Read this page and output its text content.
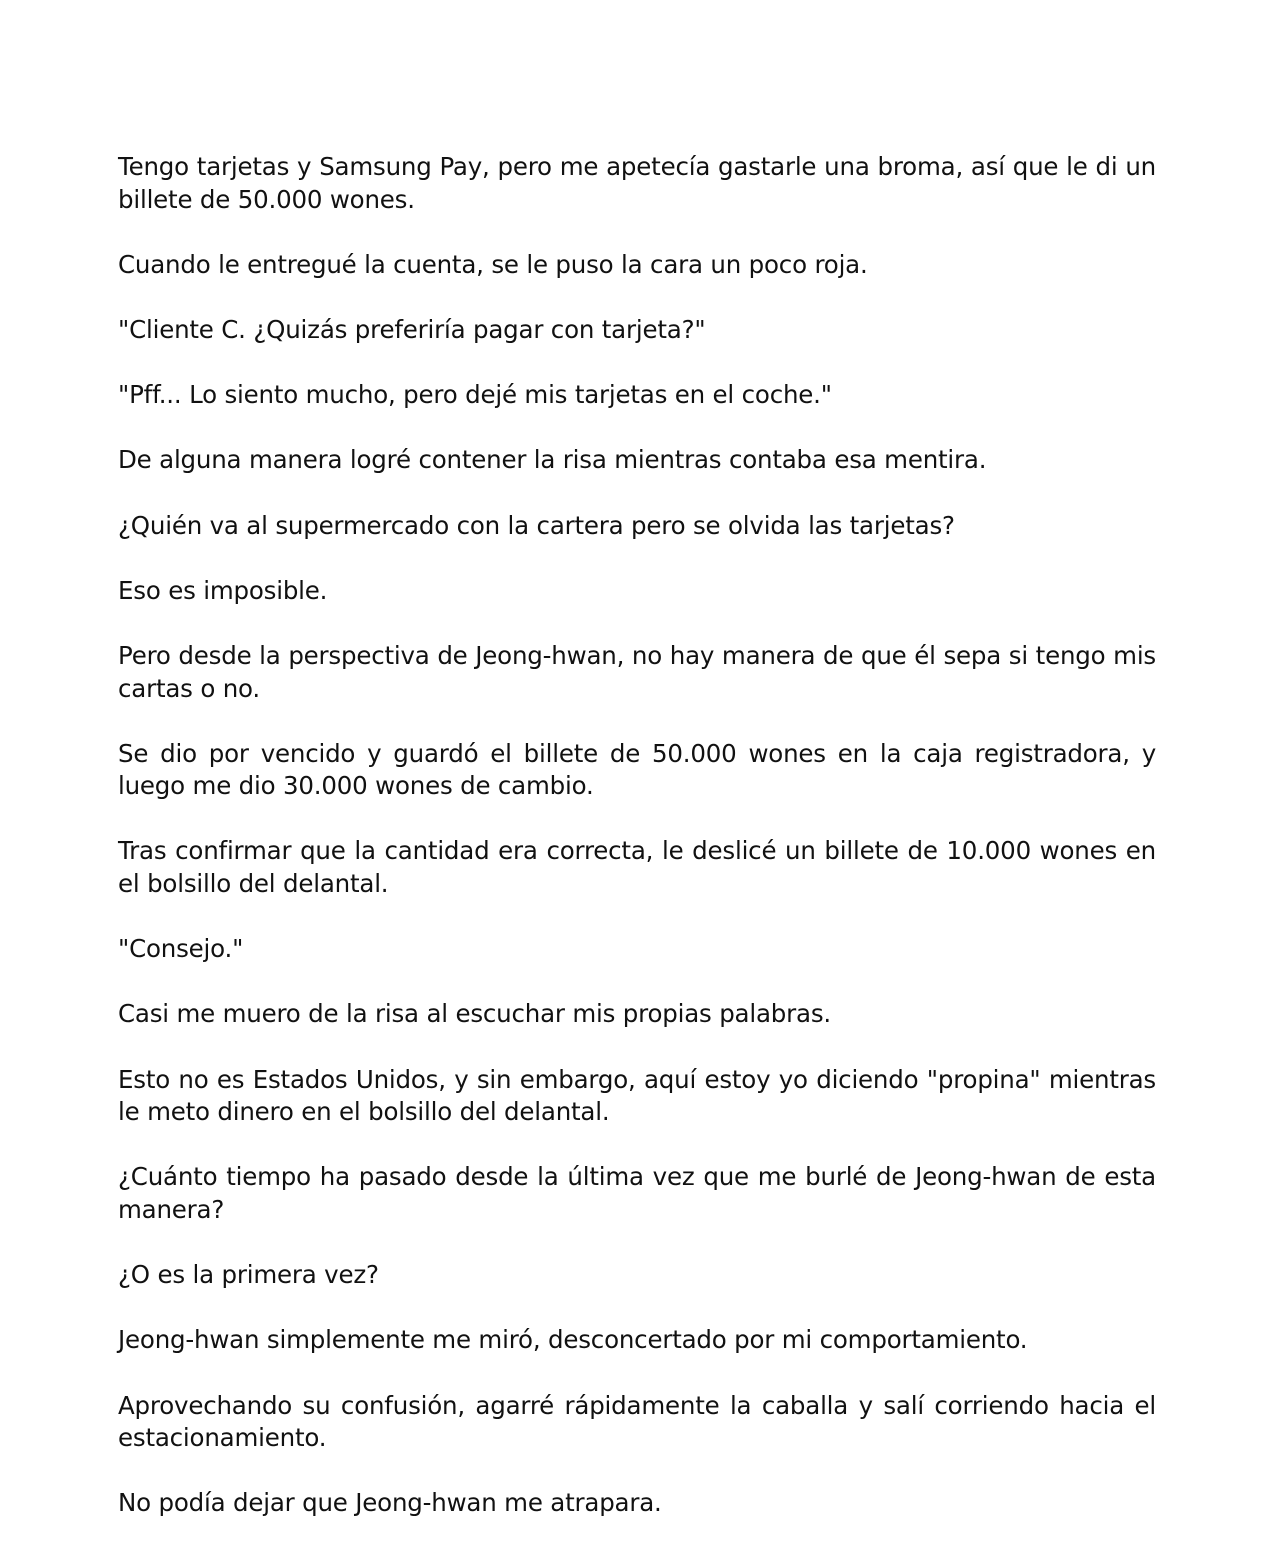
Tengo tarjetas y Samsung Pay, pero me apetecía gastarle una broma, así que le di un billete de 50.000 wones.

Cuando le entregué la cuenta, se le puso la cara un poco roja.

"Cliente C. ¿Quizás preferiría pagar con tarjeta?"

"Pff... Lo siento mucho, pero dejé mis tarjetas en el coche."

De alguna manera logré contener la risa mientras contaba esa mentira.

¿Quién va al supermercado con la cartera pero se olvida las tarjetas?

Eso es imposible.

Pero desde la perspectiva de Jeong-hwan, no hay manera de que él sepa si tengo mis cartas o no.

Se dio por vencido y guardó el billete de 50.000 wones en la caja registradora, y luego me dio 30.000 wones de cambio.

Tras confirmar que la cantidad era correcta, le deslicé un billete de 10.000 wones en el bolsillo del delantal.

"Consejo."

Casi me muero de la risa al escuchar mis propias palabras.

Esto no es Estados Unidos, y sin embargo, aquí estoy yo diciendo "propina" mientras le meto dinero en el bolsillo del delantal.

¿Cuánto tiempo ha pasado desde la última vez que me burlé de Jeong-hwan de esta manera?

¿O es la primera vez?

Jeong-hwan simplemente me miró, desconcertado por mi comportamiento.

Aprovechando su confusión, agarré rápidamente la caballa y salí corriendo hacia el estacionamiento.

No podía dejar que Jeong-hwan me atrapara.
